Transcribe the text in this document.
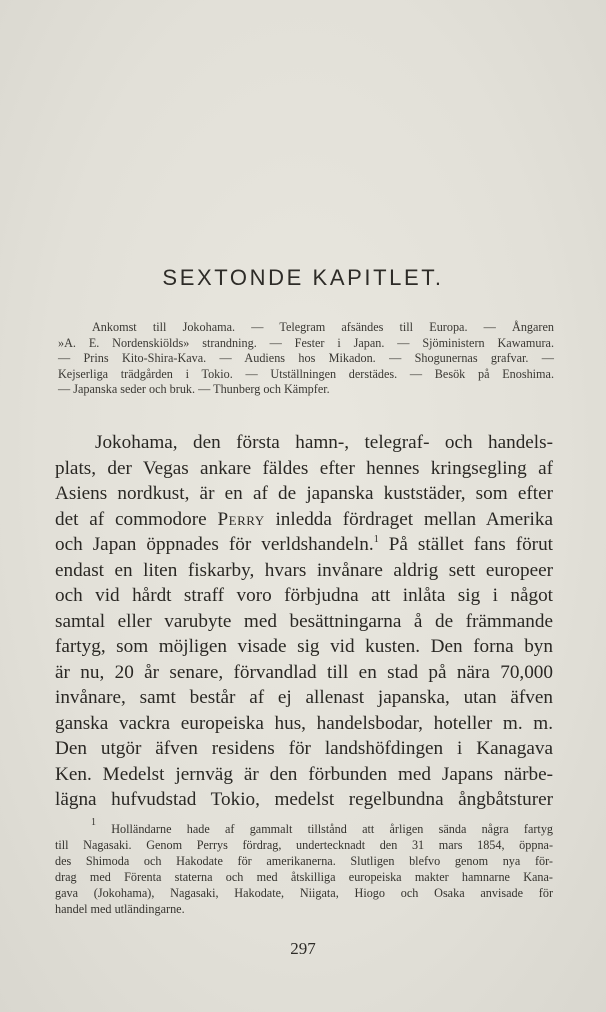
SEXTONDE KAPITLET.
Ankomst till Jokohama. — Telegram afsändes till Europa. — Ångaren
»A. E. Nordenskiölds» strandning. — Fester i Japan. — Sjöministern Kawamura.
— Prins Kito-Shira-Kava. — Audiens hos Mikadon. — Shogunernas grafvar. —
Kejserliga trädgården i Tokio. — Utställningen derstädes. — Besök på Enoshima.
— Japanska seder och bruk. — Thunberg och Kämpfer.
Jokohama, den första hamn-, telegraf- och handels-
plats, der Vegas ankare fäldes efter hennes kringsegling af
Asiens nordkust, är en af de japanska kuststäder, som efter
det af commodore Perry inledda fördraget mellan Amerika
och Japan öppnades för verldshandeln.$^1$ På stället fans förut
endast en liten fiskarby, hvars invånare aldrig sett europeer
och vid hårdt straff voro förbjudna att inlåta sig i något
samtal eller varubyte med besättningarna å de främmande
fartyg, som möjligen visade sig vid kusten. Den forna byn
är nu, 20 år senare, förvandlad till en stad på nära 70,000
invånare, samt består af ej allenast japanska, utan äfven
ganska vackra europeiska hus, handelsbodar, hoteller m. m.
Den utgör äfven residens för landshöfdingen i Kanagava
Ken. Medelst jernväg är den förbunden med Japans närbe-
lägna hufvudstad Tokio, medelst regelbundna ångbåtsturer
$^1$ Holländarne hade af gammalt tillstånd att årligen sända några fartyg
till Nagasaki. Genom Perrys fördrag, undertecknadt den 31 mars 1854, öppna-
des Shimoda och Hakodate för amerikanerna. Slutligen blefvo genom nya för-
drag med Förenta staterna och med åtskilliga europeiska makter hamnarne Kana-
gava (Jokohama), Nagasaki, Hakodate, Niigata, Hiogo och Osaka anvisade för
handel med utländingarne.
297
